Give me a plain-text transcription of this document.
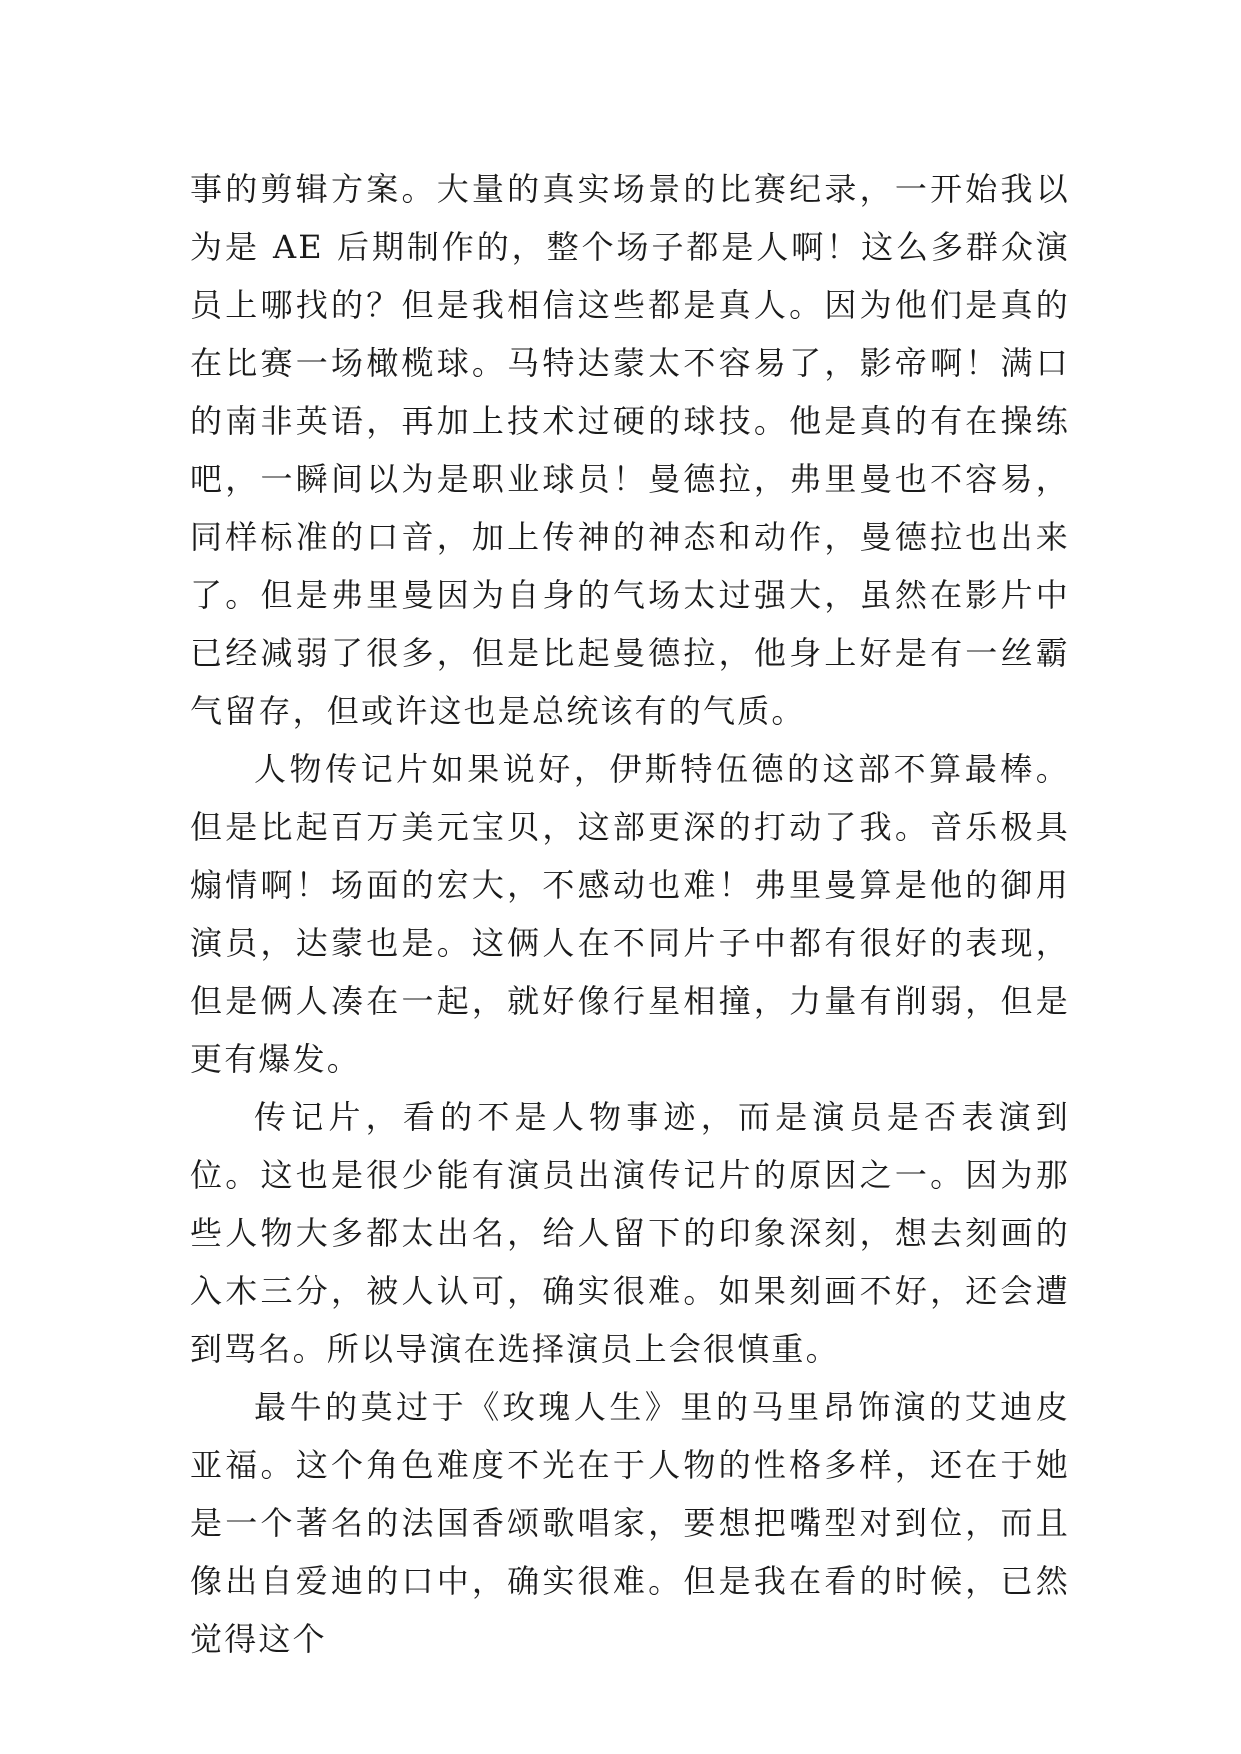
事的剪辑方案。大量的真实场景的比赛纪录，一开始我以为是 AE 后期制作的，整个场子都是人啊！这么多群众演员上哪找的？但是我相信这些都是真人。因为他们是真的在比赛一场橄榄球。马特达蒙太不容易了，影帝啊！满口的南非英语，再加上技术过硬的球技。他是真的有在操练吧，一瞬间以为是职业球员！曼德拉，弗里曼也不容易，同样标准的口音，加上传神的神态和动作，曼德拉也出来了。但是弗里曼因为自身的气场太过强大，虽然在影片中已经减弱了很多，但是比起曼德拉，他身上好是有一丝霸气留存，但或许这也是总统该有的气质。

人物传记片如果说好，伊斯特伍德的这部不算最棒。但是比起百万美元宝贝，这部更深的打动了我。音乐极具煽情啊！场面的宏大，不感动也难！弗里曼算是他的御用演员，达蒙也是。这俩人在不同片子中都有很好的表现，但是俩人凑在一起，就好像行星相撞，力量有削弱，但是更有爆发。

传记片，看的不是人物事迹，而是演员是否表演到位。这也是很少能有演员出演传记片的原因之一。因为那些人物大多都太出名，给人留下的印象深刻，想去刻画的入木三分，被人认可，确实很难。如果刻画不好，还会遭到骂名。所以导演在选择演员上会很慎重。

最牛的莫过于《玫瑰人生》里的马里昂饰演的艾迪皮亚福。这个角色难度不光在于人物的性格多样，还在于她是一个著名的法国香颂歌唱家，要想把嘴型对到位，而且像出自爱迪的口中，确实很难。但是我在看的时候，已然觉得这个
